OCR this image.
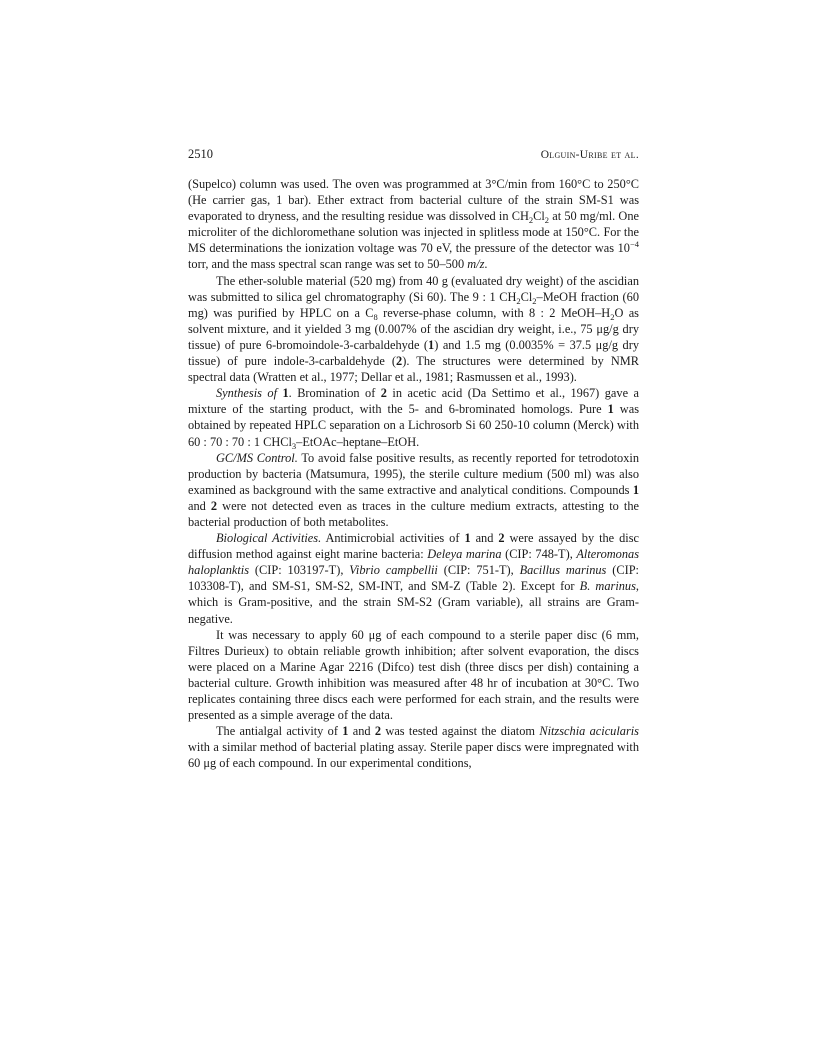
2510	Olguin-Uribe et al.

(Supelco) column was used. The oven was programmed at 3°C/min from 160°C to 250°C (He carrier gas, 1 bar). Ether extract from bacterial culture of the strain SM-S1 was evaporated to dryness, and the resulting residue was dissolved in $CH_2Cl_2$ at 50 mg/ml. One microliter of the dichloromethane solution was injected in splitless mode at 150°C. For the MS determinations the ionization voltage was 70 eV, the pressure of the detector was $10^{-4}$ torr, and the mass spectral scan range was set to 50–500 m/z.

The ether-soluble material (520 mg) from 40 g (evaluated dry weight) of the ascidian was submitted to silica gel chromatography (Si 60). The 9 : 1 $CH_2Cl_2$–MeOH fraction (60 mg) was purified by HPLC on a $C_8$ reverse-phase column, with 8 : 2 MeOH–$H_2O$ as solvent mixture, and it yielded 3 mg (0.007% of the ascidian dry weight, i.e., 75 μg/g dry tissue) of pure 6-bromoindole-3-carbaldehyde (1) and 1.5 mg (0.0035% = 37.5 μg/g dry tissue) of pure indole-3-carbaldehyde (2). The structures were determined by NMR spectral data (Wratten et al., 1977; Dellar et al., 1981; Rasmussen et al., 1993).

Synthesis of 1. Bromination of 2 in acetic acid (Da Settimo et al., 1967) gave a mixture of the starting product, with the 5- and 6-brominated homologs. Pure 1 was obtained by repeated HPLC separation on a Lichrosorb Si 60 250-10 column (Merck) with 60 : 70 : 70 : 1 CHCl$_3$–EtOAc–heptane–EtOH.

GC/MS Control. To avoid false positive results, as recently reported for tetrodotoxin production by bacteria (Matsumura, 1995), the sterile culture medium (500 ml) was also examined as background with the same extractive and analytical conditions. Compounds 1 and 2 were not detected even as traces in the culture medium extracts, attesting to the bacterial production of both metabolites.

Biological Activities. Antimicrobial activities of 1 and 2 were assayed by the disc diffusion method against eight marine bacteria: Deleya marina (CIP: 748-T), Alteromonas haloplanktis (CIP: 103197-T), Vibrio campbellii (CIP: 751-T), Bacillus marinus (CIP: 103308-T), and SM-S1, SM-S2, SM-INT, and SM-Z (Table 2). Except for B. marinus, which is Gram-positive, and the strain SM-S2 (Gram variable), all strains are Gram-negative.

It was necessary to apply 60 μg of each compound to a sterile paper disc (6 mm, Filtres Durieux) to obtain reliable growth inhibition; after solvent evaporation, the discs were placed on a Marine Agar 2216 (Difco) test dish (three discs per dish) containing a bacterial culture. Growth inhibition was measured after 48 hr of incubation at 30°C. Two replicates containing three discs each were performed for each strain, and the results were presented as a simple average of the data.

The antialgal activity of 1 and 2 was tested against the diatom Nitzschia acicularis with a similar method of bacterial plating assay. Sterile paper discs were impregnated with 60 μg of each compound. In our experimental conditions,
